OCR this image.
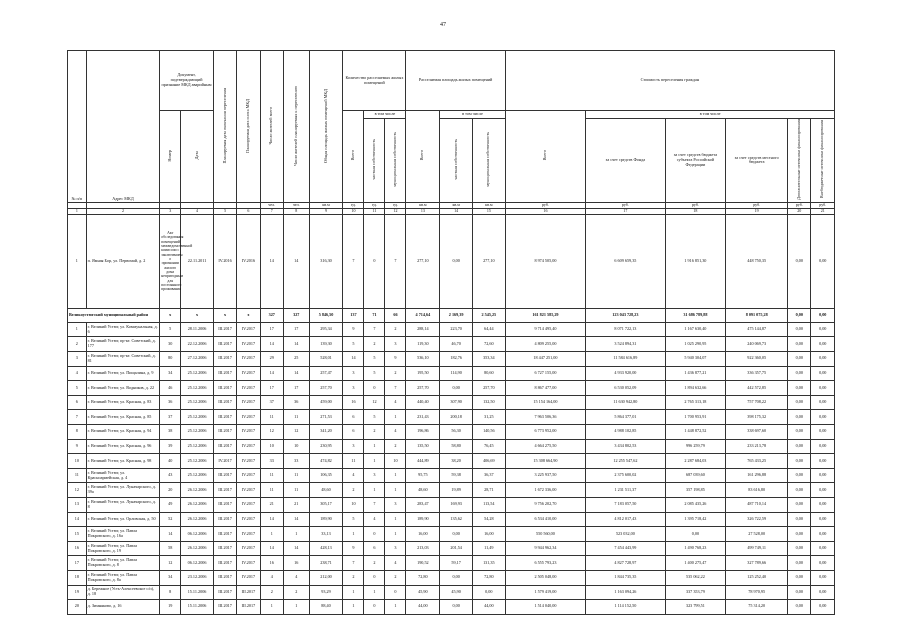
47
№ п/п	Адрес МКД	Документ, подтверждающий признание МКД аварийным		Планируемая дата окончания переселения	Планируемая дата сноса МКД	Число жителей всего	Число жителей планируемых к переселению	Общая площадь жилых помещений МКД	Количество расселяемых жилых помещений			Расселяемая площадь жилых помещений			Стоимость переселения граждан					
		Номер	Дата						Всего	в том числе		Всего	в том числе		Всего	в том числе				
										частная собственность	муниципальная собственность		частная собственность	муниципальная собственность		за счет средств Фонда	за счет средств бюджета субъекта Российской Федерации	за счет средств местного бюджета	Дополнительные источники финансирования	Внебюджетные источники финансирования
						чел.	чел.	кв.м	ед.	ед.	ед.	кв.м	кв.м	кв.м	руб.	руб.	руб.	руб.	руб.	руб.
1	2	3	4	5	6	7	8	9	10	11	12	13	14	15	16	17	18	19	20	21
1	п. Ямная Бор, ул. Первомай, д. 2	Акт обследования помещений межведомственной комиссии с заключением о признании жилого дома непригодным для постоянного проживания	22.11.2011	IV.2016	IV.2016	14	14	316,30	7	0	7	277,10	0,00	277,10	8 974 505,00	6 609 659,35	1 916 851,30	448 750,35	0,00	0,00
Великоустюгский муниципальный район		x	x	x	x	327	327	5 846,50	137	71	66	4 714,64	2 169,39	2 545,25	161 821 585,29	123 043 728,23	31 686 789,88	8 091 075,28	0,00	0,00
1	г. Великий Устюг, ул. Коммунальная, д. 6	5	28.11.2006	III.2017	IV.2017	17	17	295,34	9	7	2	288,14	223,70	64,44	9 714 495,40	8 071 722,13	1 167 630,40	475 144,87	0,00	0,00
2	г. Великий Устюг, пр-кт. Советский, д. 177	30	22.12.2006	III.2017	IV.2017	14	14	139,30	5	2	3	119,30	46,70	72,60	4 809 255,00	3 524 894,31	1 025 290,95	240 069,73	0,00	0,00
3	г. Великий Устюг, пр-кт. Советский, д. 81	80	27.12.2006	III.2017	IV.2017	29	25	528,01	14	5	9	536,10	182,76	353,34	18 447 251,00	11 584 616,89	5 940 304,07	922 360,05	0,00	0,00
4	г. Великий Устюг, ул. Пищалина, д. 9	34	25.12.2006	III.2017	IV.2017	14	14	257,47	3	5	2	195,50	114,90	80,60	6 727 155,00	4 933 920,00	1 436 877,21	336 357,75	0,00	0,00
5	г. Великий Устюг, ул. Водников, д. 22	46	25.12.2006	III.2017	IV.2017	17	17	257,70	3	0	7	257,70	0,00	257,70	8 867 477,00	6 530 052,09	1 894 632,66	442 572,85	0,00	0,00
6	г. Великий Устюг, ул. Красная, д. 83	36	25.12.2006	III.2017	IV.2017	37	36	459,00	16	12	4	440,40	307,90	132,50	15 154 164,00	11 630 942,80	2 765 313,18	757 708,22	0,00	0,00
7	г. Великий Устюг, ул. Красная, д. 85	37	25.12.2006	III.2017	IV.2017	11	11	271,53	6	5	1	231,43	200,18	31,25	7 963 506,36	5 864 377,01	1 700 953,91	398 175,32	0,00	0,00
8	г. Великий Устюг, ул. Красная, д. 94	38	25.12.2006	III.2017	IV.2017	12	12	341,20	6	2	4	196,86	56,30	140,56	6 773 952,00	4 988 102,85	1 448 872,52	338 697,60	0,00	0,00
9	г. Великий Устюг, ул. Красная, д. 96	39	25.12.2006	III.2017	IV.2017	10	10	230,95	3	1	2	135,50	58,80	76,45	4 664 275,50	3 434 802,53	996 259,79	233 213,78	0,00	0,00
10	г. Великий Устюг, ул. Красная, д. 98	40	25.12.2006	IV.2017	IV.2017	33	33	474,82	11	1	10	444,89	38,20	406,69	15 308 664,90	12 255 547,62	2 287 684,03	765 433,25	0,00	0,00
11	г. Великий Устюг, ул. Красноармейская, д. 4	43	25.12.2006	III.2017	IV.2017	11	11	106,35	4	3	1	95,75	59,38	36,37	3 225 937,50	2 375 600,02	687 039,60	161 296,88	0,00	0,00
12	г. Великий Устюг, ул. Луначарского, д. 39а	20	26.12.2006	III.2017	IV.2017	11	11	48,60	2	1	1	48,60	19,89	28,71	1 672 336,00	1 231 511,37	357 198,85	83 616,80	0,00	0,00
13	г. Великий Устюг, ул. Луначарского, д. 8	49	26.12.2006	III.2017	IV.2017	21	21	305,17	10	7	3	283,47	169,93	113,54	9 756 202,70	7 183 057,50	2 085 435,26	487 710,14	0,00	0,00
14	г. Великий Устюг, ул. Орловская, д. 50	52	26.12.2006	III.2017	IV.2017	14	14	189,90	5	4	1	189,90	135,62	54,28	6 534 410,00	4 812 017,43	1 395 718,42	326 722,59	0,00	0,00
15	г. Великий Устюг, ул. Павла Покровского, д. 16а	14	06.12.2006	III.2017	IV.2017	1	1	33,13	1	0	1	16,00	0,00	16,00	550 560,00	523 032,00	0,00	27 528,00	0,00	0,00
16	г. Великий Устюг, ул. Павла Покровского, д. 19	58	26.12.2006	III.2017	IV.2017	14	14	428,13	9	6	3	213,03	201,54	11,49	9 944 962,34	7 454 443,99	1 490 768,23	499 749,11	0,00	0,00
17	г. Великий Устюг, ул. Павла Покровского, д. 8	12	06.12.2006	III.2017	IV.2017	16	16	238,71	7	2	4	190,52	59,17	131,35	6 555 793,23	4 827 728,97	1 400 275,47	327 789,66	0,00	0,00
18	г. Великий Устюг, ул. Павла Покровского, д. 8а	34	23.12.2006	III.2017	IV.2017	4	4	212,00	2	0	2	72,80	0,00	72,80	2 505 048,00	1 844 735,35	535 062,22	125 252,40	0,00	0,00
19	д. Бережное (Усть-Алексеевское с/п), д. 18	8	15.11.2006	III.2017	III.2017	2	2	93,29	1	1	0	45,90	45,90	0,00	1 579 419,00	1 163 094,26	337 353,79	78 970,95	0,00	0,00
20	д. Зимняково, д. 16	19	15.11.2006	III.2017	III.2017	1	1	88,40	1	0	1	44,00	0,00	44,00	1 514 040,00	1 114 152,50	323 799,51	75 314,20	0,00	0,00
